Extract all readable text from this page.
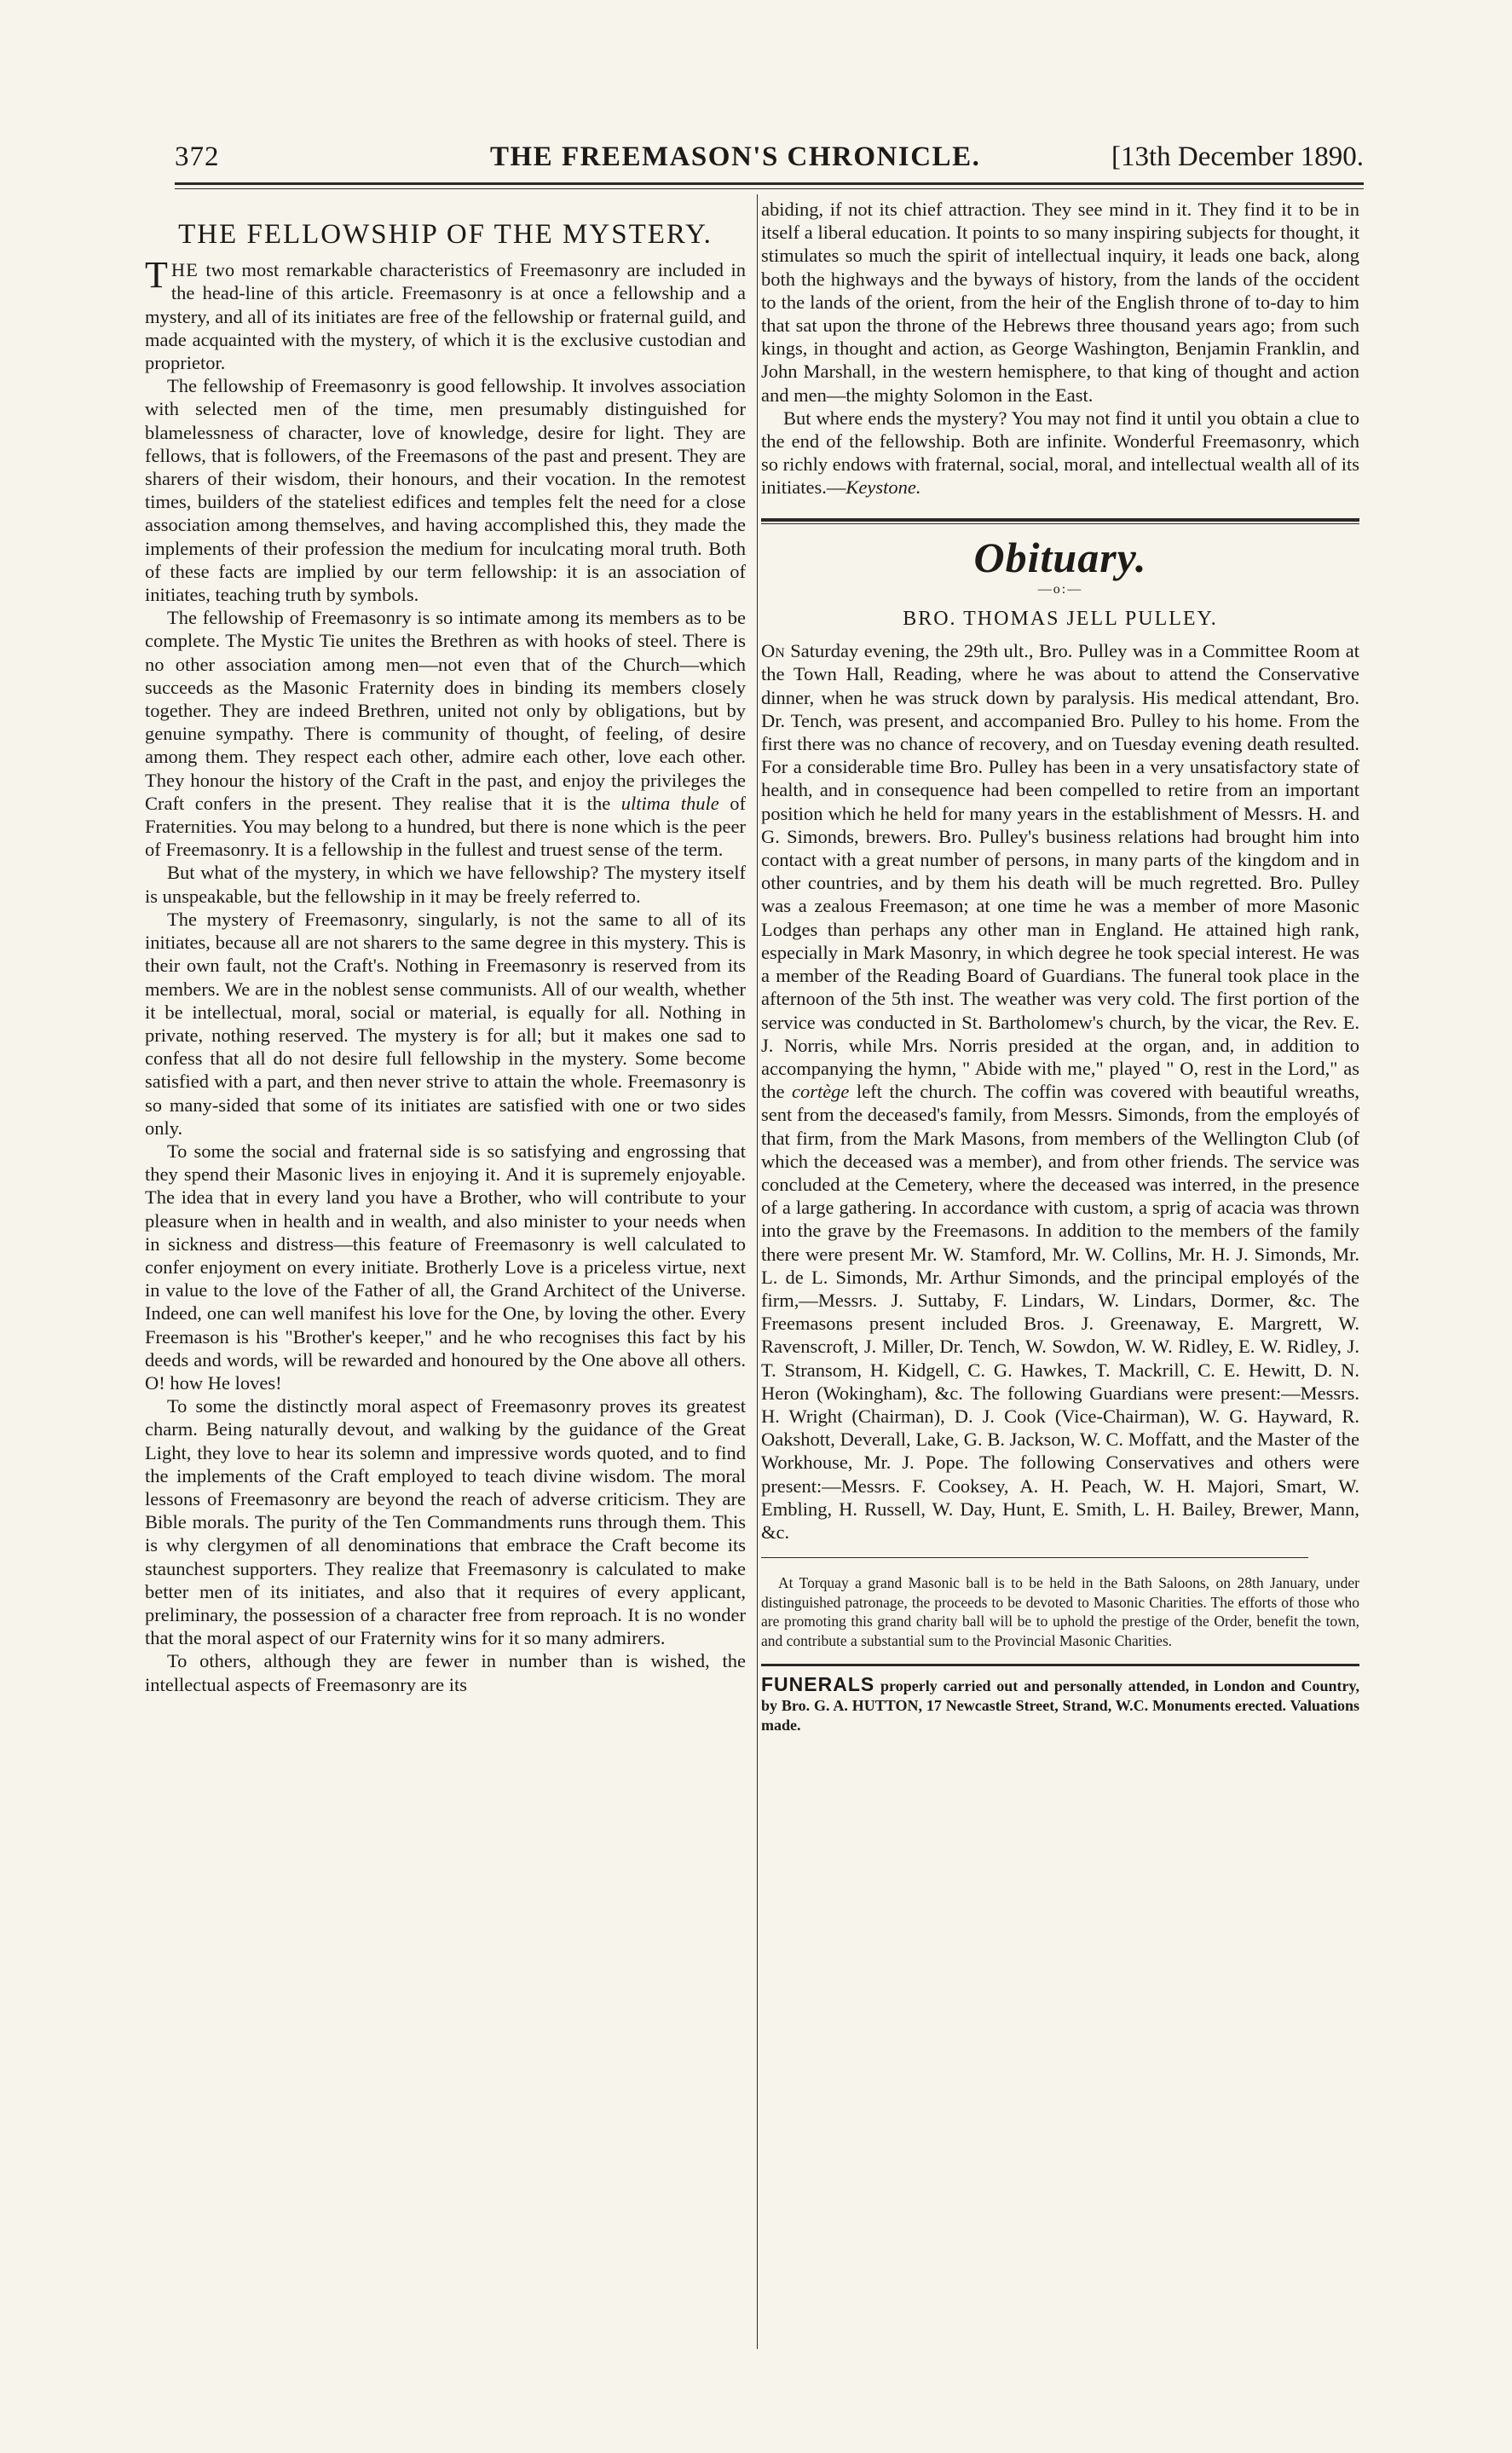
372	THE FREEMASON'S CHRONICLE.	[13th December 1890.
THE FELLOWSHIP OF THE MYSTERY.

THE two most remarkable characteristics of Freemasonry are included in the head-line of this article. Freemasonry is at once a fellowship and a mystery, and all of its initiates are free of the fellowship or fraternal guild, and made acquainted with the mystery, of which it is the exclusive custodian and proprietor.

The fellowship of Freemasonry is good fellowship. It involves association with selected men of the time, men presumably distinguished for blamelessness of character, love of knowledge, desire for light. They are fellows, that is followers, of the Freemasons of the past and present. They are sharers of their wisdom, their honours, and their vocation. In the remotest times, builders of the stateliest edifices and temples felt the need for a close association among themselves, and having accomplished this, they made the implements of their profession the medium for inculcating moral truth. Both of these facts are implied by our term fellowship: it is an association of initiates, teaching truth by symbols.

The fellowship of Freemasonry is so intimate among its members as to be complete. The Mystic Tie unites the Brethren as with hooks of steel. There is no other association among men—not even that of the Church—which succeeds as the Masonic Fraternity does in binding its members closely together. They are indeed Brethren, united not only by obligations, but by genuine sympathy. There is community of thought, of feeling, of desire among them. They respect each other, admire each other, love each other. They honour the history of the Craft in the past, and enjoy the privileges the Craft confers in the present. They realise that it is the ultima thule of Fraternities. You may belong to a hundred, but there is none which is the peer of Freemasonry. It is a fellowship in the fullest and truest sense of the term.

But what of the mystery, in which we have fellowship? The mystery itself is unspeakable, but the fellowship in it may be freely referred to.

The mystery of Freemasonry, singularly, is not the same to all of its initiates, because all are not sharers to the same degree in this mystery. This is their own fault, not the Craft's. Nothing in Freemasonry is reserved from its members. We are in the noblest sense communists. All of our wealth, whether it be intellectual, moral, social or material, is equally for all. Nothing in private, nothing reserved. The mystery is for all; but it makes one sad to confess that all do not desire full fellowship in the mystery. Some become satisfied with a part, and then never strive to attain the whole. Freemasonry is so many-sided that some of its initiates are satisfied with one or two sides only.

To some the social and fraternal side is so satisfying and engrossing that they spend their Masonic lives in enjoying it. And it is supremely enjoyable. The idea that in every land you have a Brother, who will contribute to your pleasure when in health and in wealth, and also minister to your needs when in sickness and distress—this feature of Freemasonry is well calculated to confer enjoyment on every initiate. Brotherly Love is a priceless virtue, next in value to the love of the Father of all, the Grand Architect of the Universe. Indeed, one can well manifest his love for the One, by loving the other. Every Freemason is his "Brother's keeper," and he who recognises this fact by his deeds and words, will be rewarded and honoured by the One above all others. O! how He loves!

To some the distinctly moral aspect of Freemasonry proves its greatest charm. Being naturally devout, and walking by the guidance of the Great Light, they love to hear its solemn and impressive words quoted, and to find the implements of the Craft employed to teach divine wisdom. The moral lessons of Freemasonry are beyond the reach of adverse criticism. They are Bible morals. The purity of the Ten Commandments runs through them. This is why clergymen of all denominations that embrace the Craft become its staunchest supporters. They realize that Freemasonry is calculated to make better men of its initiates, and also that it requires of every applicant, preliminary, the possession of a character free from reproach. It is no wonder that the moral aspect of our Fraternity wins for it so many admirers.

To others, although they are fewer in number than is wished, the intellectual aspects of Freemasonry are its

abiding, if not its chief attraction. They see mind in it. They find it to be in itself a liberal education. It points to so many inspiring subjects for thought, it stimulates so much the spirit of intellectual inquiry, it leads one back, along both the highways and the byways of history, from the lands of the occident to the lands of the orient, from the heir of the English throne of to-day to him that sat upon the throne of the Hebrews three thousand years ago; from such kings, in thought and action, as George Washington, Benjamin Franklin, and John Marshall, in the western hemisphere, to that king of thought and action and men—the mighty Solomon in the East.

But where ends the mystery? You may not find it until you obtain a clue to the end of the fellowship. Both are infinite. Wonderful Freemasonry, which so richly endows with fraternal, social, moral, and intellectual wealth all of its initiates.—Keystone.

Obituary.
—o:—
BRO. THOMAS JELL PULLEY.

On Saturday evening, the 29th ult., Bro. Pulley was in a Committee Room at the Town Hall, Reading, where he was about to attend the Conservative dinner, when he was struck down by paralysis. His medical attendant, Bro. Dr. Tench, was present, and accompanied Bro. Pulley to his home. From the first there was no chance of recovery, and on Tuesday evening death resulted. For a considerable time Bro. Pulley has been in a very unsatisfactory state of health, and in consequence had been compelled to retire from an important position which he held for many years in the establishment of Messrs. H. and G. Simonds, brewers. Bro. Pulley's business relations had brought him into contact with a great number of persons, in many parts of the kingdom and in other countries, and by them his death will be much regretted. Bro. Pulley was a zealous Freemason; at one time he was a member of more Masonic Lodges than perhaps any other man in England. He attained high rank, especially in Mark Masonry, in which degree he took special interest. He was a member of the Reading Board of Guardians. The funeral took place in the afternoon of the 5th inst. The weather was very cold. The first portion of the service was conducted in St. Bartholomew's church, by the vicar, the Rev. E. J. Norris, while Mrs. Norris presided at the organ, and, in addition to accompanying the hymn, " Abide with me," played " O, rest in the Lord," as the cortège left the church. The coffin was covered with beautiful wreaths, sent from the deceased's family, from Messrs. Simonds, from the employés of that firm, from the Mark Masons, from members of the Wellington Club (of which the deceased was a member), and from other friends. The service was concluded at the Cemetery, where the deceased was interred, in the presence of a large gathering. In accordance with custom, a sprig of acacia was thrown into the grave by the Freemasons. In addition to the members of the family there were present Mr. W. Stamford, Mr. W. Collins, Mr. H. J. Simonds, Mr. L. de L. Simonds, Mr. Arthur Simonds, and the principal employés of the firm,—Messrs. J. Suttaby, F. Lindars, W. Lindars, Dormer, &c. The Freemasons present included Bros. J. Greenaway, E. Margrett, W. Ravenscroft, J. Miller, Dr. Tench, W. Sowdon, W. W. Ridley, E. W. Ridley, J. T. Stransom, H. Kidgell, C. G. Hawkes, T. Mackrill, C. E. Hewitt, D. N. Heron (Wokingham), &c. The following Guardians were present:—Messrs. H. Wright (Chairman), D. J. Cook (Vice-Chairman), W. G. Hayward, R. Oakshott, Deverall, Lake, G. B. Jackson, W. C. Moffatt, and the Master of the Workhouse, Mr. J. Pope. The following Conservatives and others were present:—Messrs. F. Cooksey, A. H. Peach, W. H. Majori, Smart, W. Embling, H. Russell, W. Day, Hunt, E. Smith, L. H. Bailey, Brewer, Mann, &c.

At Torquay a grand Masonic ball is to be held in the Bath Saloons, on 28th January, under distinguished patronage, the proceeds to be devoted to Masonic Charities. The efforts of those who are promoting this grand charity ball will be to uphold the prestige of the Order, benefit the town, and contribute a substantial sum to the Provincial Masonic Charities.

FUNERALS properly carried out and personally attended, in London and Country, by Bro. G. A. HUTTON, 17 Newcastle Street, Strand, W.C. Monuments erected. Valuations made.
